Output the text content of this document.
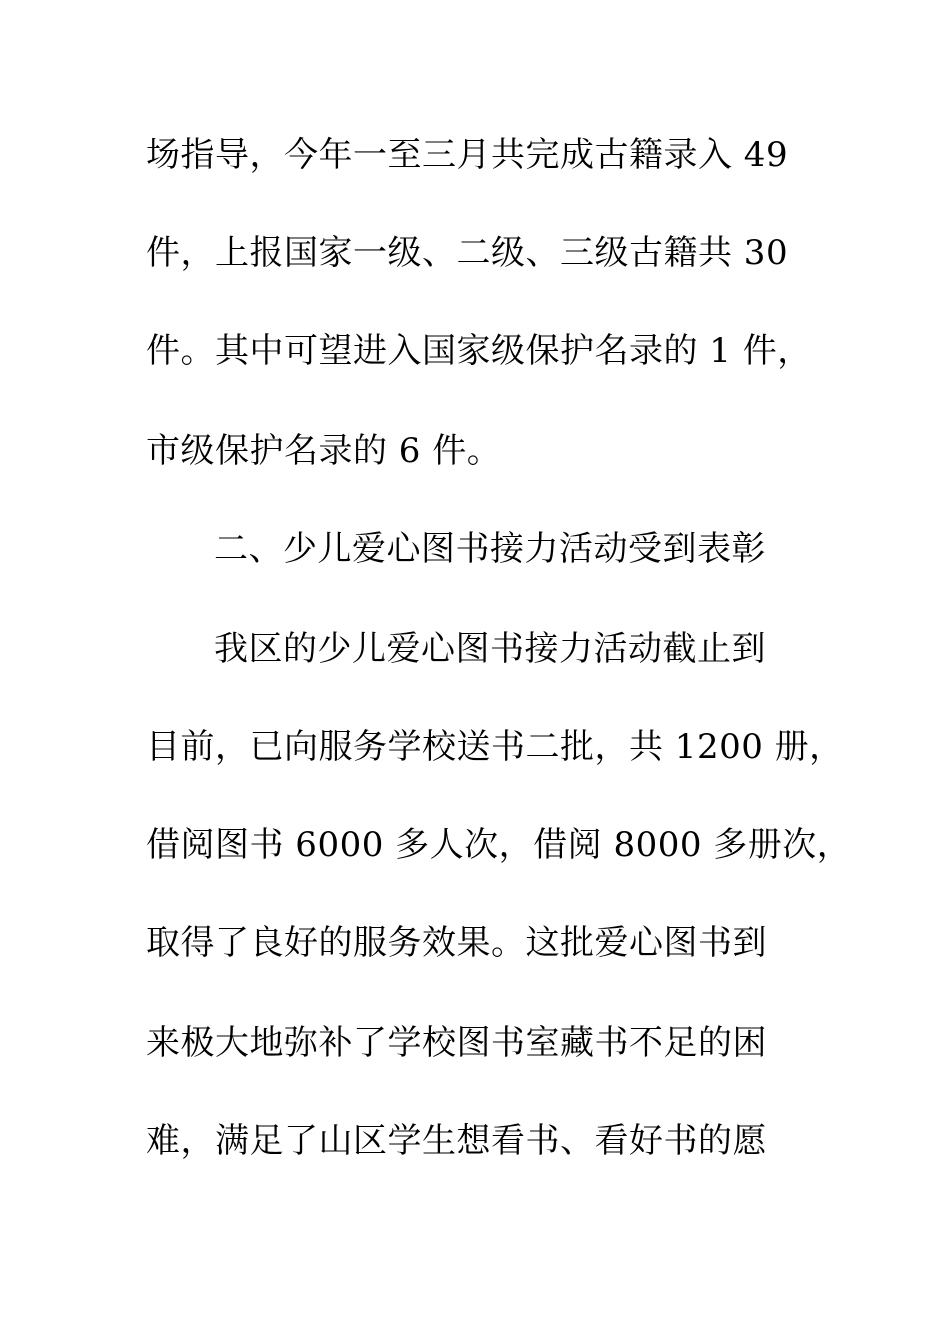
场指导，今年一至三月共完成古籍录入 49
件，上报国家一级、二级、三级古籍共 30
件。其中可望进入国家级保护名录的 1 件，
市级保护名录的 6 件。
二、少儿爱心图书接力活动受到表彰
我区的少儿爱心图书接力活动截止到
目前，已向服务学校送书二批，共 1200 册，
借阅图书 6000 多人次，借阅 8000 多册次，
取得了良好的服务效果。这批爱心图书到
来极大地弥补了学校图书室藏书不足的困
难，满足了山区学生想看书、看好书的愿
